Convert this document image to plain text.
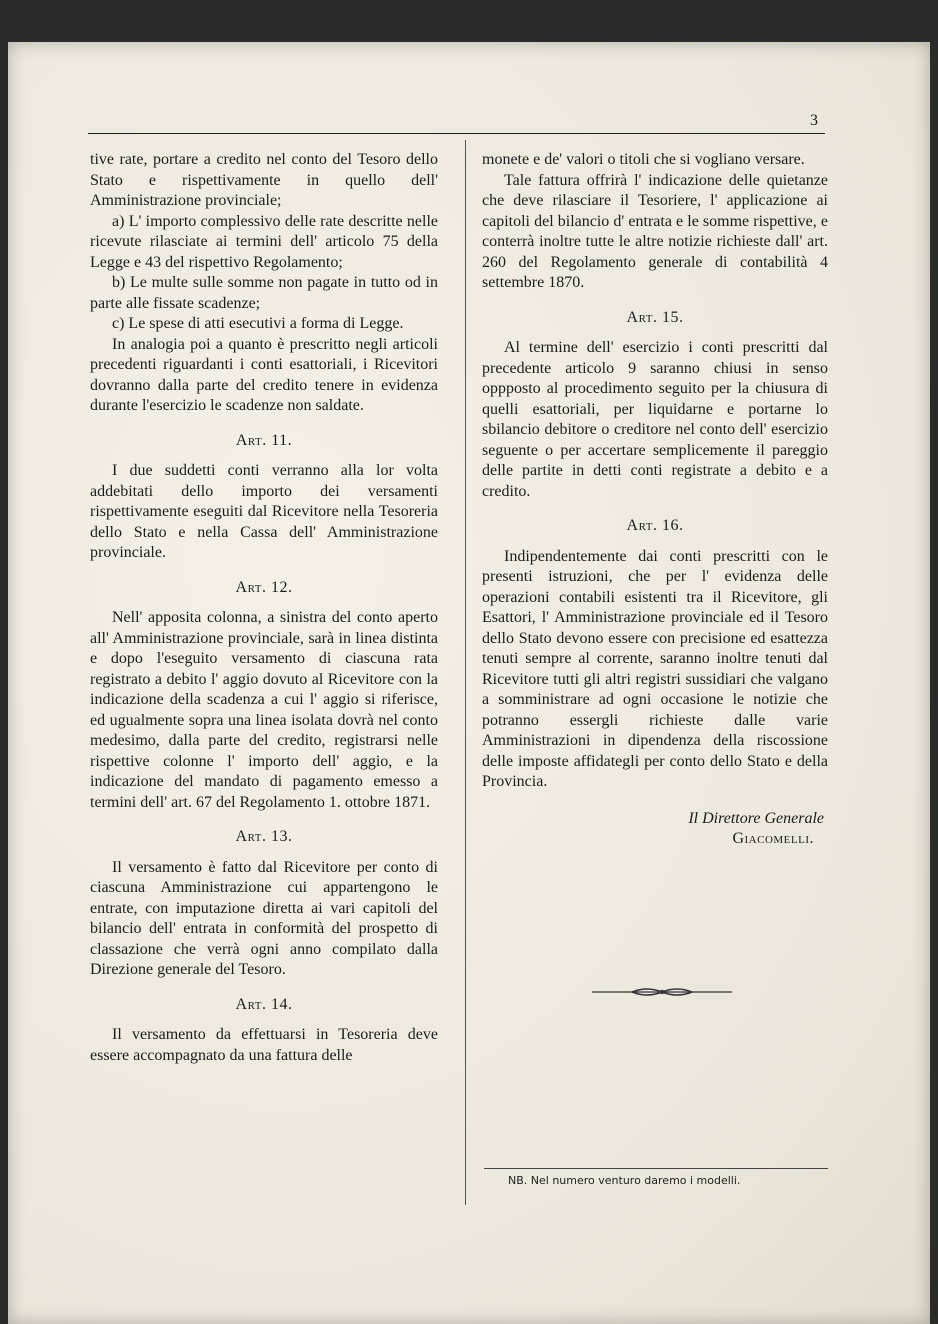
3

tive rate, portare a credito nel conto del Tesoro dello Stato e rispettivamente in quello dell' Amministrazione provinciale;

a) L' importo complessivo delle rate descritte nelle ricevute rilasciate ai termini dell' articolo 75 della Legge e 43 del rispettivo Regolamento;

b) Le multe sulle somme non pagate in tutto od in parte alle fissate scadenze;

c) Le spese di atti esecutivi a forma di Legge.

In analogia poi a quanto è prescritto negli articoli precedenti riguardanti i conti esattoriali, i Ricevitori dovranno dalla parte del credito tenere in evidenza durante l'esercizio le scadenze non saldate.

Art. 11.

I due suddetti conti verranno alla lor volta addebitati dello importo dei versamenti rispettivamente eseguiti dal Ricevitore nella Tesoreria dello Stato e nella Cassa dell' Amministrazione provinciale.

Art. 12.

Nell' apposita colonna, a sinistra del conto aperto all' Amministrazione provinciale, sarà in linea distinta e dopo l'eseguito versamento di ciascuna rata registrato a debito l' aggio dovuto al Ricevitore con la indicazione della scadenza a cui l' aggio si riferisce, ed ugualmente sopra una linea isolata dovrà nel conto medesimo, dalla parte del credito, registrarsi nelle rispettive colonne l' importo dell' aggio, e la indicazione del mandato di pagamento emesso a termini dell' art. 67 del Regolamento 1. ottobre 1871.

Art. 13.

Il versamento è fatto dal Ricevitore per conto di ciascuna Amministrazione cui appartengono le entrate, con imputazione diretta ai vari capitoli del bilancio dell' entrata in conformità del prospetto di classazione che verrà ogni anno compilato dalla Direzione generale del Tesoro.

Art. 14.

Il versamento da effettuarsi in Tesoreria deve essere accompagnato da una fattura delle

monete e de' valori o titoli che si vogliano versare.

Tale fattura offrirà l' indicazione delle quietanze che deve rilasciare il Tesoriere, l' applicazione ai capitoli del bilancio d' entrata e le somme rispettive, e conterrà inoltre tutte le altre notizie richieste dall' art. 260 del Regolamento generale di contabilità 4 settembre 1870.

Art. 15.

Al termine dell' esercizio i conti prescritti dal precedente articolo 9 saranno chiusi in senso oppposto al procedimento seguito per la chiusura di quelli esattoriali, per liquidarne e portarne lo sbilancio debitore o creditore nel conto dell' esercizio seguente o per accertare semplicemente il pareggio delle partite in detti conti registrate a debito e a credito.

Art. 16.

Indipendentemente dai conti prescritti con le presenti istruzioni, che per l' evidenza delle operazioni contabili esistenti tra il Ricevitore, gli Esattori, l' Amministrazione provinciale ed il Tesoro dello Stato devono essere con precisione ed esattezza tenuti sempre al corrente, saranno inoltre tenuti dal Ricevitore tutti gli altri registri sussidiari che valgano a somministrare ad ogni occasione le notizie che potranno essergli richieste dalle varie Amministrazioni in dipendenza della riscossione delle imposte affidategli per conto dello Stato e della Provincia.

Il Direttore Generale

Giacomelli.

NB. Nel numero venturo daremo i modelli.
